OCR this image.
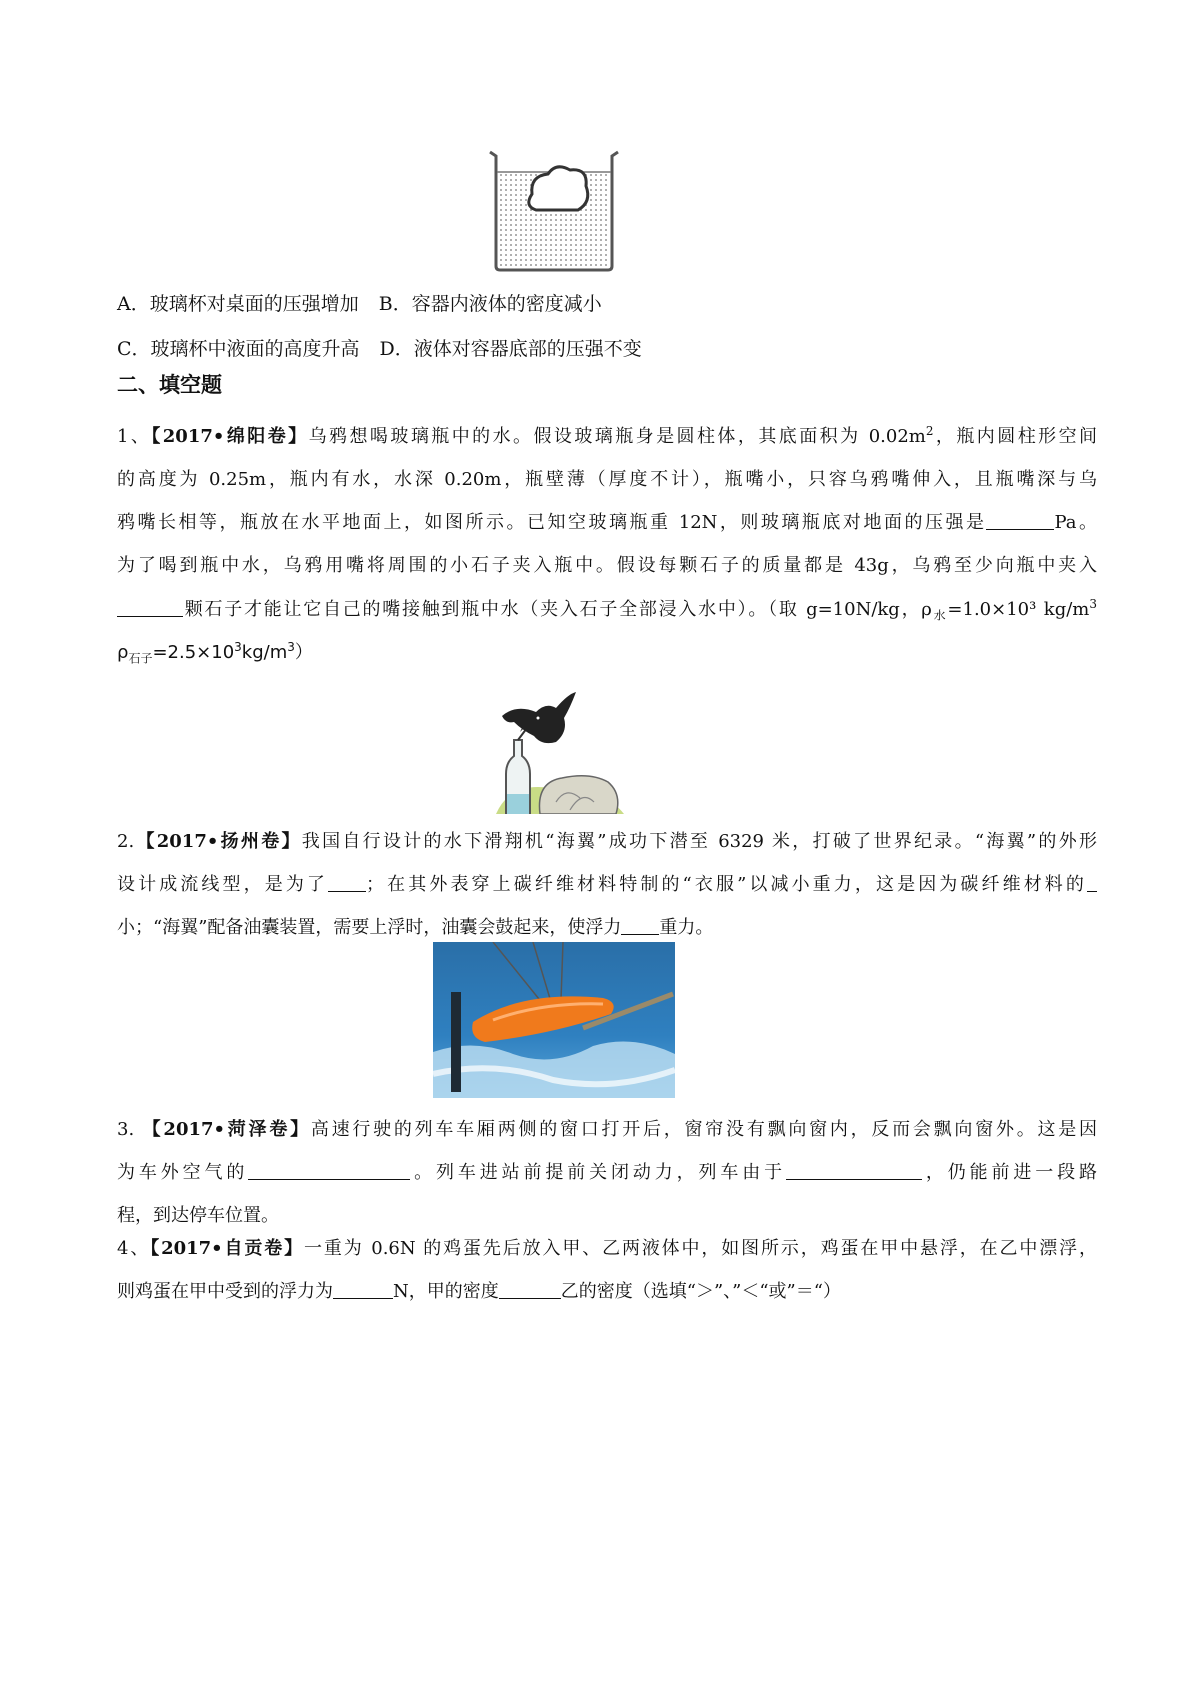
A．玻璃杯对桌面的压强增加 B．容器内液体的密度减小
C．玻璃杯中液面的高度升高 D．液体对容器底部的压强不变
二、填空题
1、【2017•绵阳卷】乌鸦想喝玻璃瓶中的水。假设玻璃瓶身是圆柱体，其底面积为 $0.02m^2$，瓶内圆柱形空间
的高度为 0.25m，瓶内有水，水深 0.20m，瓶壁薄（厚度不计），瓶嘴小，只容乌鸦嘴伸入，且瓶嘴深与乌
鸦嘴长相等，瓶放在水平地面上，如图所示。已知空玻璃瓶重 12N，则玻璃瓶底对地面的压强是	Pa。
为了喝到瓶中水，乌鸦用嘴将周围的小石子夹入瓶中。假设每颗石子的质量都是 43g，乌鸦至少向瓶中夹入
颗石子才能让它自己的嘴接触到瓶中水（夹入石子全部浸入水中）。（取 g=10N/kg，$\rho_水=1.0\times 10^3$ $kg/m^3$
$\rho_{石子}=2.5\times 10^3kg/m^3$）
2.【2017•扬州卷】我国自行设计的水下滑翔机“海翼”成功下潜至 6329 米，打破了世界纪录。“海翼”的外形
设计成流线型，是为了 ；在其外表穿上碳纤维材料特制的“衣服”以减小重力，这是因为碳纤维材料的
小；“海翼”配备油囊装置，需要上浮时，油囊会鼓起来，使浮力 重力。
3. 【2017•菏泽卷】高速行驶的列车车厢两侧的窗口打开后，窗帘没有飘向窗内，反而会飘向窗外。这是因
为车外空气的	。列车进站前提前关闭动力，列车由于	，仍能前进一段路
程，到达停车位置。
4、【2017•自贡卷】一重为 0.6N 的鸡蛋先后放入甲、乙两液体中，如图所示，鸡蛋在甲中悬浮，在乙中漂浮，
则鸡蛋在甲中受到的浮力为	N，甲的密度	乙的密度（选填“＞”、”＜“或”＝“）
